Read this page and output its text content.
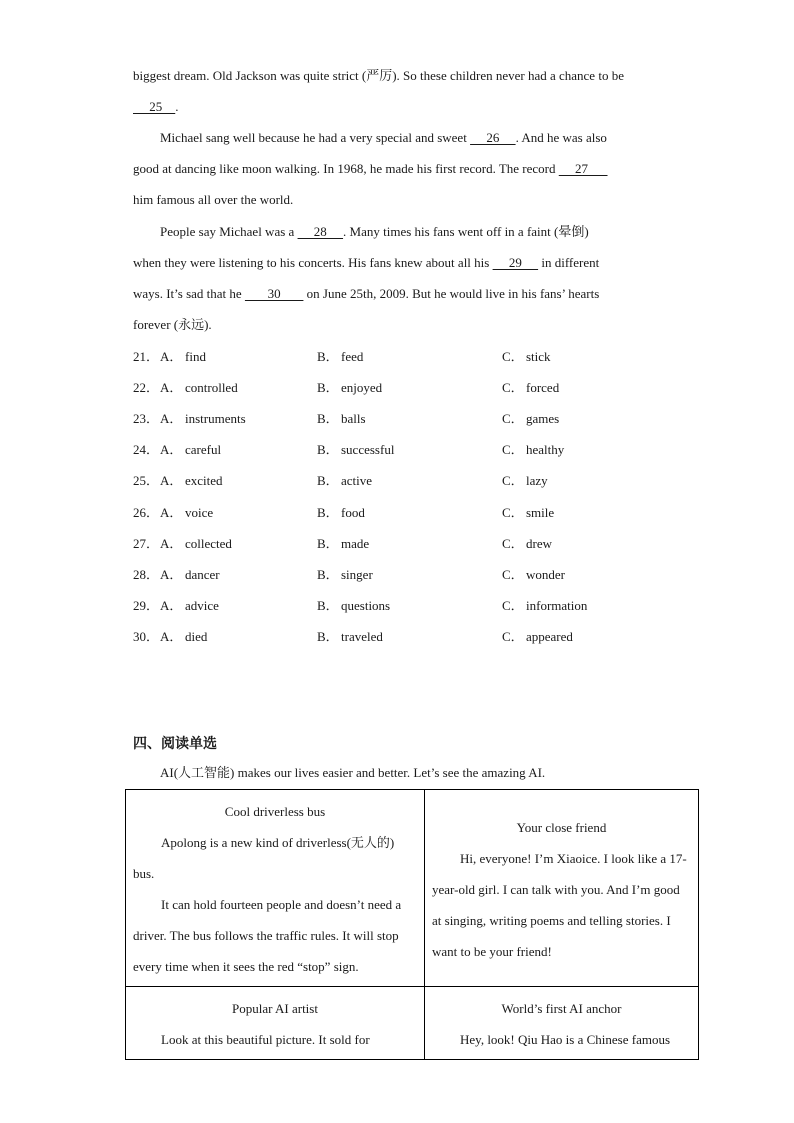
biggest dream. Old Jackson was quite strict (严厉). So these children never had a chance to be
25    .
Michael sang well because he had a very special and sweet      26     . And he was also
good at dancing like moon walking. In 1968, he made his first record. The record      27
him famous all over the world.
People say Michael was a      28     . Many times his fans went off in a faint (晕倒)
when they were listening to his concerts. His fans knew about all his      29      in different
ways. It’s sad that he        30        on June 25th, 2009. But he would live in his fans’ hearts
forever (永远).
21． A． find	B． feed	C． stick
22． A． controlled	B． enjoyed	C． forced
23． A． instruments	B． balls	C． games
24． A． careful	B． successful	C． healthy
25． A． excited	B． active	C． lazy
26． A． voice	B． food	C． smile
27． A． collected	B． made	C． drew
28． A． dancer	B． singer	C． wonder
29． A． advice	B． questions	C． information
30． A． died	B． traveled	C． appeared
四、阅读单选
AI(人工智能) makes our lives easier and better. Let’s see the amazing AI.
Cool driverless bus
Apolong is a new kind of driverless(无人的) bus.
It can hold fourteen people and doesn’t need a driver. The bus follows the traffic rules. It will stop every time when it sees the red “stop” sign.	Your close friend
Hi, everyone! I’m Xiaoice. I look like a 17-year-old girl. I can talk with you. And I’m good at singing, writing poems and telling stories. I want to be your friend!

Popular AI artist
Look at this beautiful picture. It sold for	World’s first AI anchor
Hey, look! Qiu Hao is a Chinese famous
